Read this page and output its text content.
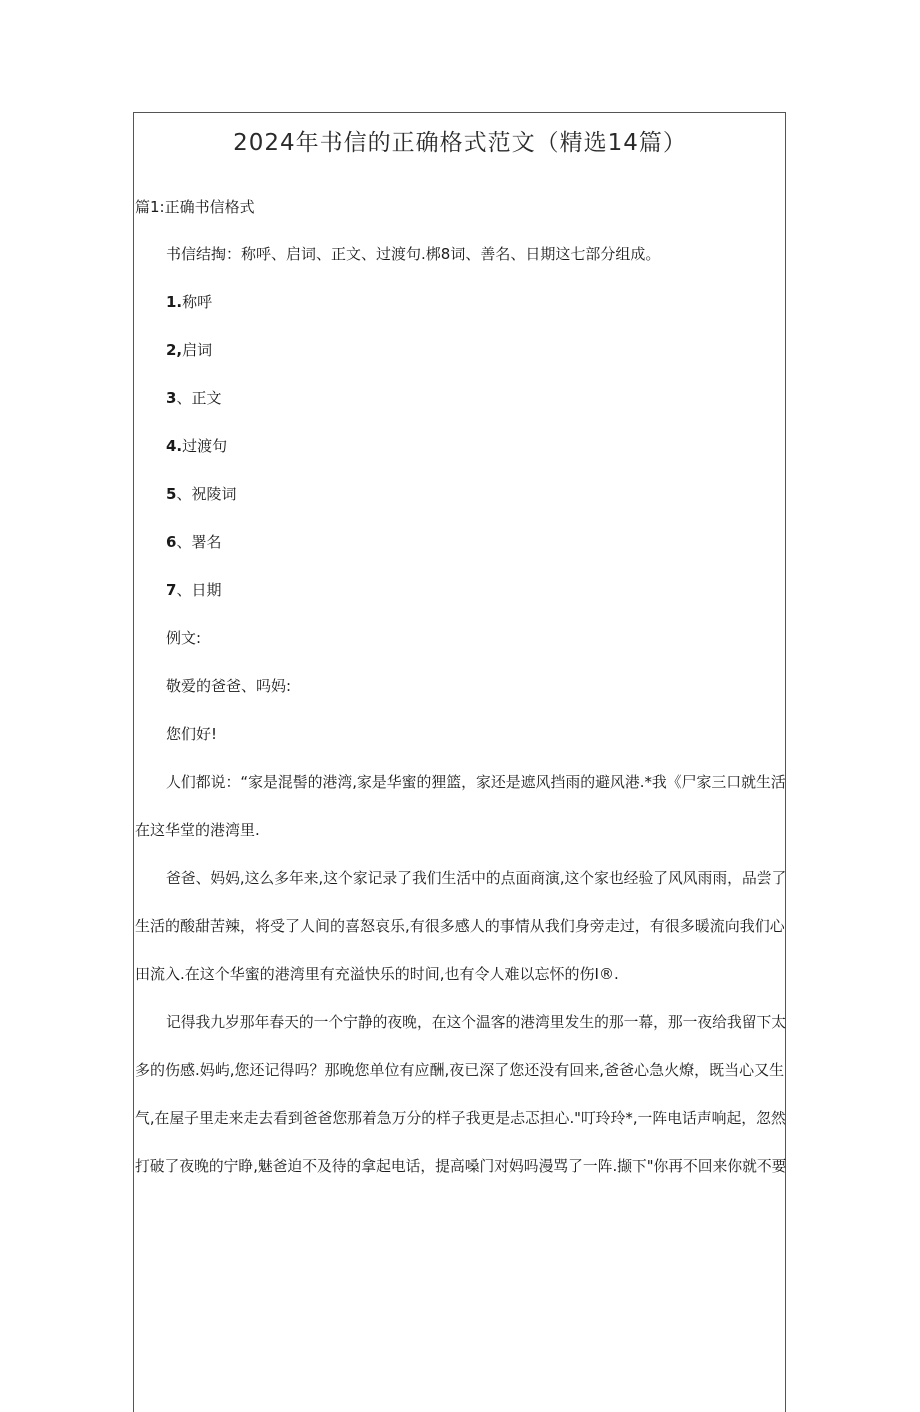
2024年书信的正确格式范文（精选14篇）
篇1:正确书信格式
书信结掏：称呼、启词、正文、过渡句.梆8词、善名、日期这七部分组成。
1.称呼
2,启词
3、正文
4.过渡句
5、祝陵词
6、署名
7、日期
例文:
敬爱的爸爸、吗妈:
您们好!
人们都说：“家是混髻的港湾,家是华蜜的狸篮，家还是遮风挡雨的避风港.*我《尸家三口就生活
在这华堂的港湾里.
爸爸、妈妈,这么多年来,这个家记录了我们生活中的点面商演,这个家也经验了风风雨雨，品尝了
生活的酸甜苦辣，将受了人间的喜怒哀乐,有很多感人的事情从我们身旁走过，有很多暖流向我们心
田流入.在这个华蜜的港湾里有充溢快乐的时间,也有令人难以忘怀的伤I®.
记得我九岁那年春天的一个宁静的夜晚，在这个温客的港湾里发生的那一幕，那一夜给我留下太
多的伤感.妈屿,您还记得吗？那晚您单位有应酬,夜已深了您还没有回来,爸爸心急火燎，既当心又生
气,在屋子里走来走去看到爸爸您那着急万分的样子我更是忐忑担心."叮玲玲*,一阵电话声响起，忽然
打破了夜晚的宁睁,魅爸迫不及待的拿起电话，提高嗓门对妈吗漫骂了一阵.撷下"你再不回来你就不要
